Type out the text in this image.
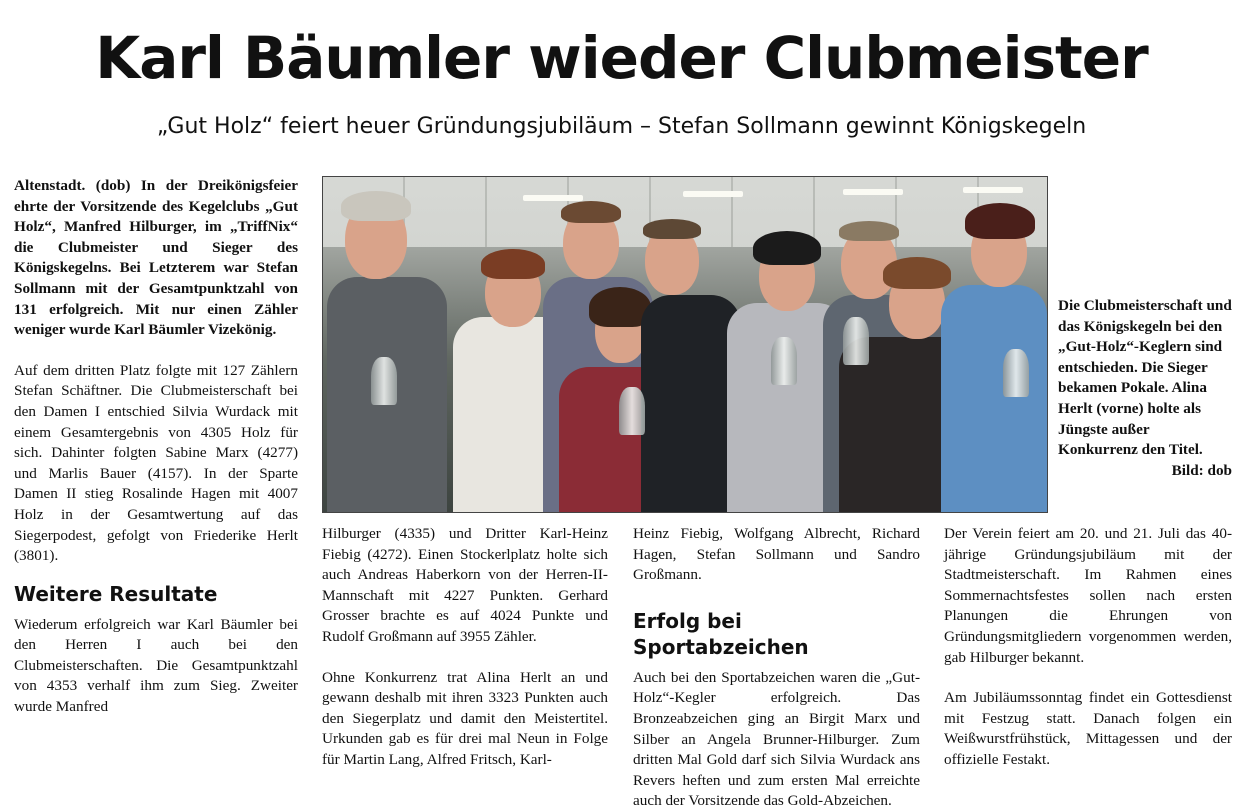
Karl Bäumler wieder Clubmeister
„Gut Holz“ feiert heuer Gründungsjubiläum – Stefan Sollmann gewinnt Königskegeln

Altenstadt. (dob) In der Dreikönigsfeier ehrte der Vorsitzende des Kegelclubs „Gut Holz“, Manfred Hilburger, im „TriffNix“ die Clubmeister und Sieger des Königskegelns. Bei Letzterem war Stefan Sollmann mit der Gesamtpunktzahl von 131 erfolgreich. Mit nur einen Zähler weniger wurde Karl Bäumler Vizekönig.

Auf dem dritten Platz folgte mit 127 Zählern Stefan Schäftner. Die Clubmeisterschaft bei den Damen I entschied Silvia Wurdack mit einem Gesamtergebnis von 4305 Holz für sich. Dahinter folgten Sabine Marx (4277) und Marlis Bauer (4157). In der Sparte Damen II stieg Rosalinde Hagen mit 4007 Holz in der Gesamtwertung auf das Siegerpodest, gefolgt von Friederike Herlt (3801).

Weitere Resultate

Wiederum erfolgreich war Karl Bäumler bei den Herren I auch bei den Clubmeisterschaften. Die Gesamtpunktzahl von 4353 verhalf ihm zum Sieg. Zweiter wurde Manfred

Die Clubmeisterschaft und das Königskegeln bei den „Gut-Holz“-Keglern sind entschieden. Die Sieger bekamen Pokale. Alina Herlt (vorne) holte als Jüngste außer Konkurrenz den Titel.
Bild: dob

Hilburger (4335) und Dritter Karl-Heinz Fiebig (4272). Einen Stockerlplatz holte sich auch Andreas Haberkorn von der Herren-II-Mannschaft mit 4227 Punkten. Gerhard Grosser brachte es auf 4024 Punkte und Rudolf Großmann auf 3955 Zähler.

Ohne Konkurrenz trat Alina Herlt an und gewann deshalb mit ihren 3323 Punkten auch den Siegerplatz und damit den Meistertitel. Urkunden gab es für drei mal Neun in Folge für Martin Lang, Alfred Fritsch, Karl-

Heinz Fiebig, Wolfgang Albrecht, Richard Hagen, Stefan Sollmann und Sandro Großmann.

Erfolg bei Sportabzeichen

Auch bei den Sportabzeichen waren die „Gut-Holz“-Kegler erfolgreich. Das Bronzeabzeichen ging an Birgit Marx und Silber an Angela Brunner-Hilburger. Zum dritten Mal Gold darf sich Silvia Wurdack ans Revers heften und zum ersten Mal erreichte auch der Vorsitzende das Gold-Abzeichen.

Der Verein feiert am 20. und 21. Juli das 40-jährige Gründungsjubiläum mit der Stadtmeisterschaft. Im Rahmen eines Sommernachtsfestes sollen nach ersten Planungen die Ehrungen von Gründungsmitgliedern vorgenommen werden, gab Hilburger bekannt.

Am Jubiläumssonntag findet ein Gottesdienst mit Festzug statt. Danach folgen ein Weißwurstfrühstück, Mittagessen und der offizielle Festakt.
